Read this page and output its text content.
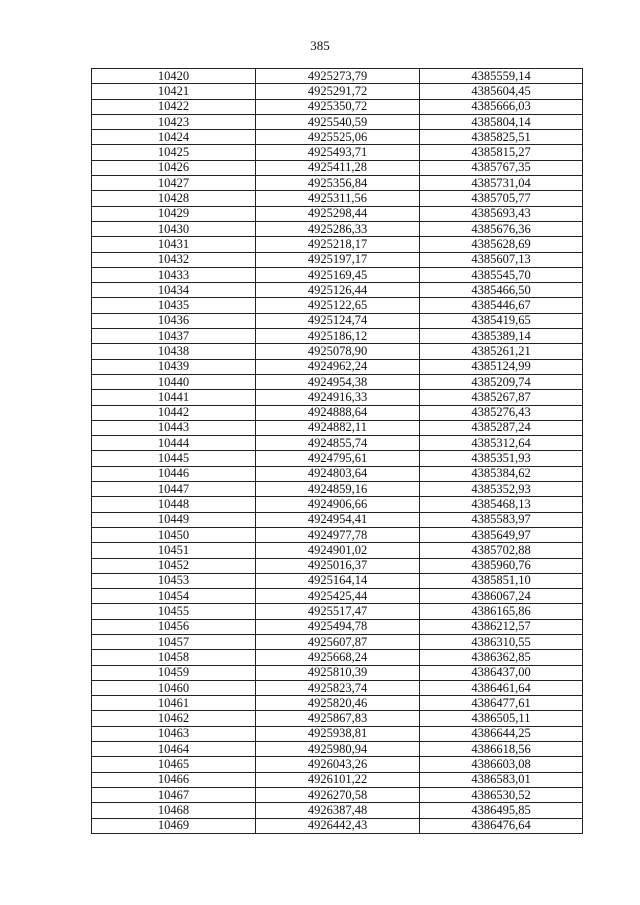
385
10420	4925273,79	4385559,14
10421	4925291,72	4385604,45
10422	4925350,72	4385666,03
10423	4925540,59	4385804,14
10424	4925525,06	4385825,51
10425	4925493,71	4385815,27
10426	4925411,28	4385767,35
10427	4925356,84	4385731,04
10428	4925311,56	4385705,77
10429	4925298,44	4385693,43
10430	4925286,33	4385676,36
10431	4925218,17	4385628,69
10432	4925197,17	4385607,13
10433	4925169,45	4385545,70
10434	4925126,44	4385466,50
10435	4925122,65	4385446,67
10436	4925124,74	4385419,65
10437	4925186,12	4385389,14
10438	4925078,90	4385261,21
10439	4924962,24	4385124,99
10440	4924954,38	4385209,74
10441	4924916,33	4385267,87
10442	4924888,64	4385276,43
10443	4924882,11	4385287,24
10444	4924855,74	4385312,64
10445	4924795,61	4385351,93
10446	4924803,64	4385384,62
10447	4924859,16	4385352,93
10448	4924906,66	4385468,13
10449	4924954,41	4385583,97
10450	4924977,78	4385649,97
10451	4924901,02	4385702,88
10452	4925016,37	4385960,76
10453	4925164,14	4385851,10
10454	4925425,44	4386067,24
10455	4925517,47	4386165,86
10456	4925494,78	4386212,57
10457	4925607,87	4386310,55
10458	4925668,24	4386362,85
10459	4925810,39	4386437,00
10460	4925823,74	4386461,64
10461	4925820,46	4386477,61
10462	4925867,83	4386505,11
10463	4925938,81	4386644,25
10464	4925980,94	4386618,56
10465	4926043,26	4386603,08
10466	4926101,22	4386583,01
10467	4926270,58	4386530,52
10468	4926387,48	4386495,85
10469	4926442,43	4386476,64
